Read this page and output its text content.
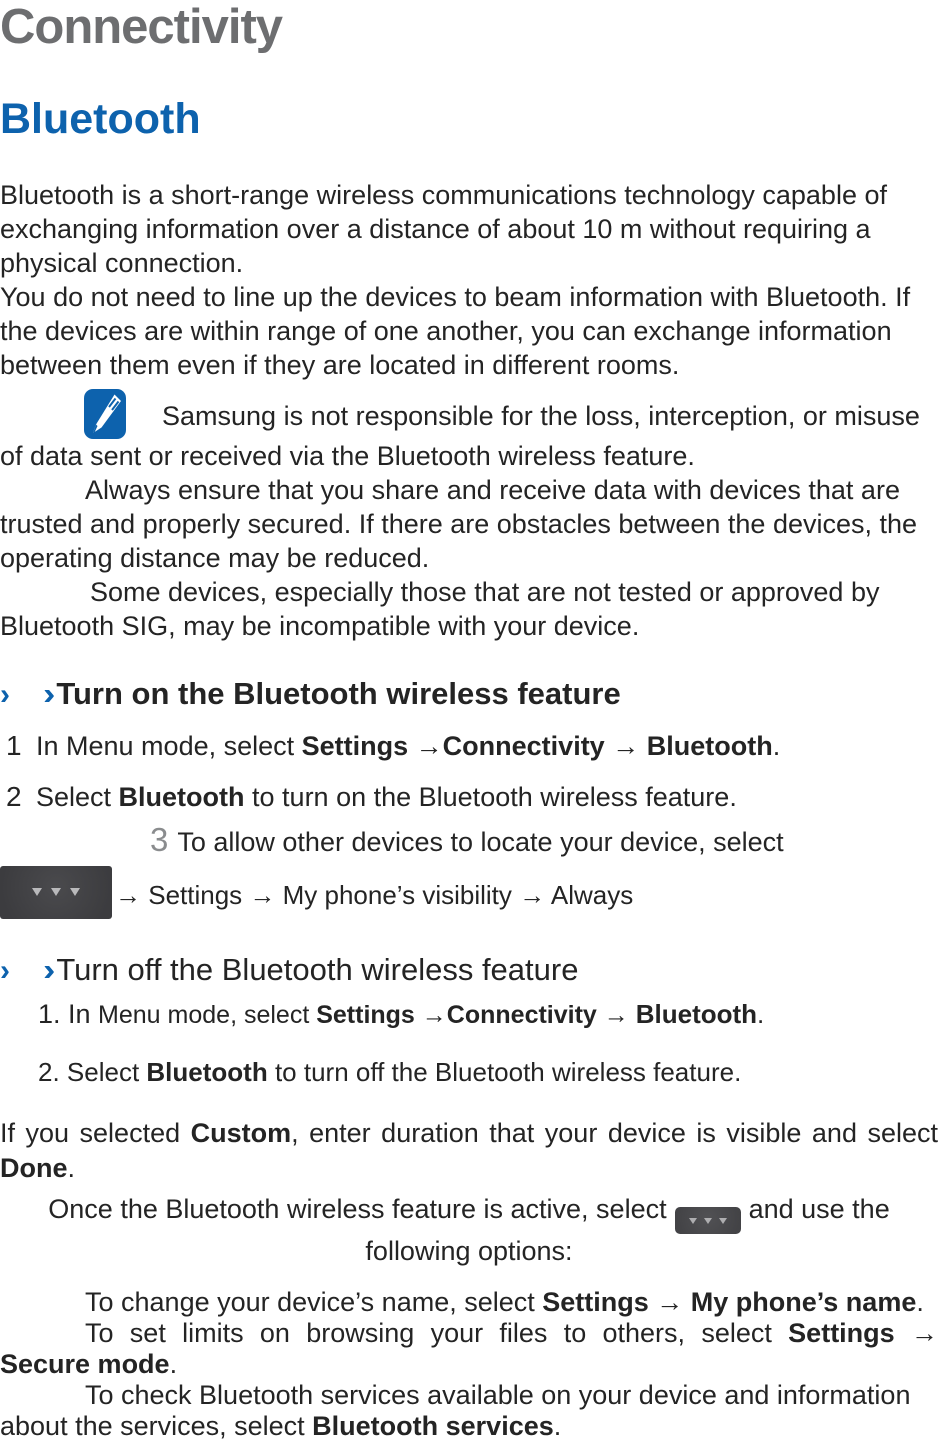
Connectivity
Bluetooth

Bluetooth is a short-range wireless communications technology capable of exchanging information over a distance of about 10 m without requiring a physical connection.

You do not need to line up the devices to beam information with Bluetooth. If the devices are within range of one another, you can exchange information between them even if they are located in different rooms.

Samsung is not responsible for the loss, interception, or misuse of data sent or received via the Bluetooth wireless feature.

Always ensure that you share and receive data with devices that are trusted and properly secured. If there are obstacles between the devices, the operating distance may be reduced.

Some devices, especially those that are not tested or approved by Bluetooth SIG, may be incompatible with your device.

› › Turn on the Bluetooth wireless feature
1 In Menu mode, select Settings →Connectivity → Bluetooth.
2 Select Bluetooth to turn on the Bluetooth wireless feature.

3 To allow other devices to locate your device, select

→ Settings → My phone’s visibility → Always
› › Turn off the Bluetooth wireless feature

1. In Menu mode, select Settings →Connectivity → Bluetooth.

2. Select Bluetooth to turn off the Bluetooth wireless feature.

If you selected Custom, enter duration that your device is visible and select Done.

Once the Bluetooth wireless feature is active, select	and use the following options:

To change your device’s name, select Settings → My phone’s name.

To set limits on browsing your files to others, select Settings → Secure mode.

To check Bluetooth services available on your device and information about the services, select Bluetooth services.
